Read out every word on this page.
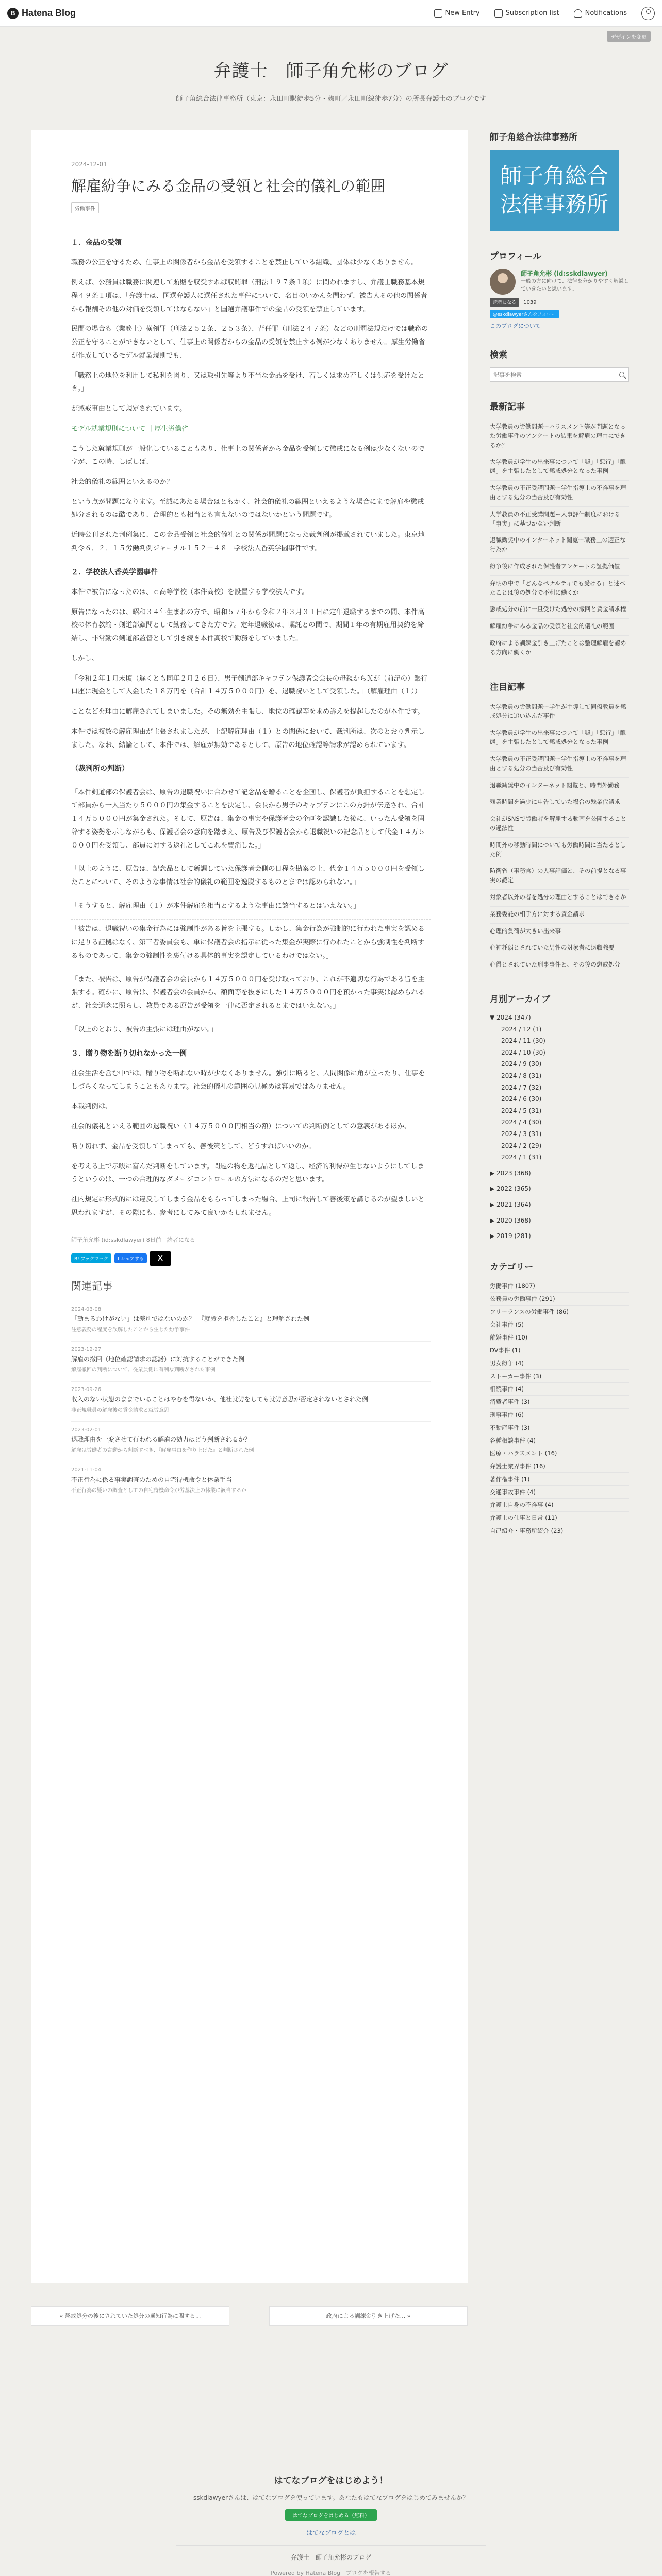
B Hatena Blog	New Entry	Subscription list	Notifications
デザインを変更
弁護士　師子角允彬のブログ
師子角総合法律事務所（東京：永田町駅徒歩5分・麹町／永田町線徒歩7分）の所長弁護士のブログです
2024-12-01
解雇紛争にみる金品の受領と社会的儀礼の範囲
労働事件
１．金品の受領

職務の公正を守るため、仕事上の関係者から金品を受領することを禁止している組織、団体は少なくありません。

例えば、公務員は職務に関連して賄賂を収受すれば収賄罪（刑法１９７条１項）に問われますし、弁護士職務基本規程４９条１項は、「弁護士は、国選弁護人に選任された事件について、名目のいかんを問わず、被告人その他の関係者から報酬その他の対価を受領してはならない」と国選弁護事件での金品の受領を禁止しています。

民間の場合も（業務上）横領罪（刑法２５２条、２５３条）、背任罪（刑法２４７条）などの刑罰法規だけでは職務の公正を守ることができないとして、仕事上の関係者からの金品の受領を禁止する例が少なくありません。厚生労働省が作成しているモデル就業規則でも、

「職務上の地位を利用して私利を図り、又は取引先等より不当な金品を受け、若しくは求め若しくは供応を受けたとき。」

が懲戒事由として規定されています。

モデル就業規則について ｜厚生労働省

こうした就業規則が一般化していることもあり、仕事上の関係者から金品を受領して懲戒になる例は少なくないのですが、この時、しばしば、

社会的儀礼の範囲といえるのか？

という点が問題になります。至誠にあたる場合はともかく、社会的儀礼の範囲といえるような場合にまで解雇や懲戒処分されるのは酷であり、合理的とも相当とも言えないのではないかという問題です。

近時公刊された判例集に、この金品受領と社会的儀礼との関係が問題になった裁判例が掲載されていました。東京地判令６．２．１５労働判例ジャーナル１５２－４８　学校法人香英学園事件です。

２．学校法人香英学園事件

本件で被告になったのは、ｃ高等学校（本件高校）を設置する学校法人です。

原告になったのは、昭和３４年生まれの方で、昭和５７年から令和２年３月３１日に定年退職するまでの間、本件高校の体育教諭・剣道部顧問として勤務してきた方です。定年退職後は、嘱託との間で、期間１年の有期雇用契約を締結し、非常勤の剣道部監督として引き続き本件高校で勤務をしていました。

しかし、

「令和２年１月末頃（遅くとも同年２月２６日）、男子剣道部キャプテン保護者会会長の母親からＸが（前記の）銀行口座に現金として入金した１８万円を（合計１４万５０００円）を、退職祝いとして受領した。」（解雇理由（１））

ことなどを理由に解雇されてしまいました。その無効を主張し、地位の確認等を求め訴えを提起したのが本件です。

本件では複数の解雇理由が主張されましたが、上記解雇理由（１）との関係において、裁判所は、次のとおり判示しました。なお、結論として、本件では、解雇が無効であるとして、原告の地位確認等請求が認められています。

（裁判所の判断）

「本件剣道部の保護者会は、原告の退職祝いに合わせて記念品を贈ることを企画し、保護者が負担することを想定して部員から一人当たり５０００円の集金することを決定し、会長から男子のキャプテンにこの方針が伝達され、合計１４万５０００円が集金された。そして、原告は、集金の事実や保護者会の企画を認識した後に、いったん受領を固辞する姿勢を示しながらも、保護者会の意向を踏まえ、原告及び保護者会から退職祝いの記念品として代金１４万５０００円を受領し、部員に対する返礼としてこれを費消した。」

「以上のように、原告は、記念品として新調していた保護者会側の日程を勘案の上、代金１４万５０００円を受領したことについて、そのような事情は社会的儀礼の範囲を逸脱するものとまでは認められない。」

「そうすると、解雇理由（１）が本件解雇を相当とするような事由に該当するとはいえない。」

「被告は、退職祝いの集金行為には強制性がある旨を主張する。しかし、集金行為が強制的に行われた事実を認めるに足りる証拠はなく、第三者委員会も、単に保護者会の指示に従った集金が実際に行われたことから強制性を判断するものであって、集金の強制性を裏付ける具体的事実を認定しているわけではない。」

「また、被告は、原告が保護者会の会長から１４万５０００円を受け取っており、これが不適切な行為である旨を主張する。確かに、原告は、保護者会の会員から、額面等を抜きにした１４万５０００円を預かった事実は認められるが、社会通念に照らし、教員である原告が受領を一律に否定されるとまではいえない。」

「以上のとおり、被告の主張には理由がない。」

３．贈り物を断り切れなかった一例

社会生活を営む中では、贈り物を断れない時が少なくありません。強引に断ると、人間関係に角が立ったり、仕事をしづらくなってしまうこともあります。社会的儀礼の範囲の見極めは容易ではありません。

本裁判例は、

社会的儀礼といえる範囲の退職祝い（１４万５０００円相当の額）についての判断例としての意義があるほか、

断り切れず、金品を受領してしまっても、善後策として、どうすればいいのか。

を考える上で示唆に富んだ判断をしています。問題の物を返礼品として返し、経済的利得が生じないようにしてしまうというのは、一つの合理的なダメージコントロールの方法になるのだと思います。

社内規定に形式的には違反してしまう金品をもらってしまった場合、上司に報告して善後策を講じるのが望ましいと思われますが、その際にも、参考にしてみて良いかもしれません。

師子角允彬 (id:sskdlawyer) 8日前　読者になる
B! ブックマーク	f シェアする	X
関連記事
2024-03-08
「勤まるわけがない」は差別ではないのか？　『就労を拒否したこと』と理解された例
注意義務の程度を誤解したことから生じた紛争事件
2023-12-27
解雇の撤回（地位確認請求の認諾）に対抗することができた例
解雇撤回の判断について、従業員側に有利な判断がされた事例
2023-09-26
収入のない状態のままでいることはやむを得ないか、他社就労をしても就労意思が否定されないとされた例
非正規職員の解雇後の賃金請求と就労意思
2023-02-01
退職理由を一変させて行われる解雇の効力はどう判断されるか？
解雇は労働者の言動から判断すべき、『解雇事由を作り上げた』と判断された例
2021-11-04
不正行為に係る事実調査のための自宅待機命令と休業手当
不正行為の疑いの調査としての自宅待機命令が労基法上の休業に該当するか
« 懲戒処分の後にされていた処分の通知行為に関する...	政府による訓練金引き上げた... »
師子角総合法律事務所
師子角総合法律事務所
プロフィール
師子角允彬 (id:sskdlawyer)
一般の方に向けて、法律を分かりやすく解説していきたいと思います。
読者になる 1039
@sskdlawyerさんをフォロー
このブログについて
検索
記事を検索
最新記事
大学教員の労働問題ーハラスメント等が問題となった労働事件のアンケートの結果を解雇の理由にできるか？
大学教員が学生の出来事について「嘘」「悪行」「醜態」を主張したとして懲戒処分となった事例
大学教員の不正受講問題ー学生指導上の不祥事を理由とする処分の当否及び有効性
大学教員の不正受講問題ー人事評価制度における「事実」に基づかない判断
退職勧奨中のインターネット閲覧ー職務上の適正な行為か
紛争後に作成された保護者アンケートの証拠価値
弁明の中で「どんなペナルティでも受ける」と述べたことは後の処分で不利に働くか
懲戒処分の前に一旦受けた処分の撤回と賃金請求権
解雇紛争にみる金品の受領と社会的儀礼の範囲
政府による訓練金引き上げたことは整理解雇を認める方向に働くか
注目記事
大学教員の労働問題ー学生が主導して同僚教員を懲戒処分に追い込んだ事件
大学教員が学生の出来事について「嘘」「悪行」「醜態」を主張したとして懲戒処分となった事例
大学教員の不正受講問題ー学生指導上の不祥事を理由とする処分の当否及び有効性
退職勧奨中のインターネット閲覧と、時間外勤務
残業時間を過少に申告していた場合の残業代請求
会社がSNSで労働者を解雇する動画を公開することの違法性
時間外の移動時間についても労働時間に当たるとした例
防衛省（事務官）の人事評価と、その前提となる事実の認定
対象者以外の者を処分の理由とすることはできるか
業務委託の相手方に対する賃金請求
心理的負荷が大きい出来事
心神耗弱とされていた男性の対象者に退職強要
心得とされていた刑事事件と、その後の懲戒処分
月別アーカイブ
▼ 2024 (347)
2024 / 12 (1)
2024 / 11 (30)
2024 / 10 (30)
2024 / 9 (30)
2024 / 8 (31)
2024 / 7 (32)
2024 / 6 (30)
2024 / 5 (31)
2024 / 4 (30)
2024 / 3 (31)
2024 / 2 (29)
2024 / 1 (31)
▶ 2023 (368)
▶ 2022 (365)
▶ 2021 (364)
▶ 2020 (368)
▶ 2019 (281)
カテゴリー
労働事件 (1807)
公務員の労働事件 (291)
フリーランスの労働事件 (86)
会社事件 (5)
離婚事件 (10)
DV事件 (1)
男女紛争 (4)
ストーカー事件 (3)
相続事件 (4)
消費者事件 (3)
刑事事件 (6)
不動産事件 (3)
各種相談事件 (4)
医療・ハラスメント (16)
弁護士業界事件 (16)
著作権事件 (1)
交通事故事件 (4)
弁護士自身の不祥事 (4)
弁護士の仕事と日常 (11)
自己紹介・事務所紹介 (23)
はてなブログをはじめよう！
sskdlawyerさんは、はてなブログを使っています。あなたもはてなブログをはじめてみませんか？
はてなブログをはじめる（無料）
はてなブログとは
弁護士　師子角允彬のブログ
Powered by Hatena Blog | ブログを報告する
